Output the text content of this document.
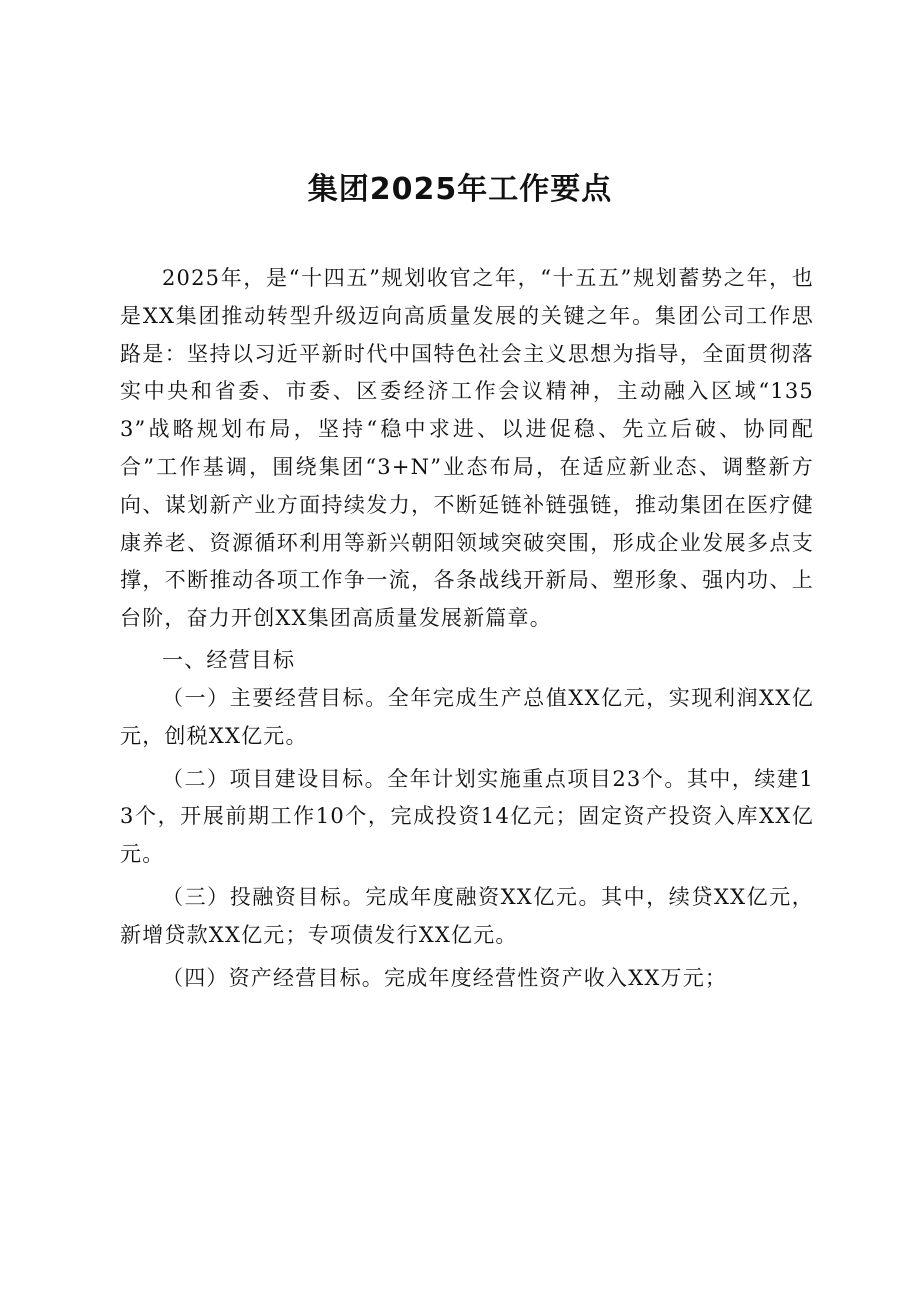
集团2025年工作要点

2025年，是“十四五”规划收官之年，“十五五”规划蓄势之年，也是XX集团推动转型升级迈向高质量发展的关键之年。集团公司工作思路是：坚持以习近平新时代中国特色社会主义思想为指导，全面贯彻落实中央和省委、市委、区委经济工作会议精神，主动融入区域“1353”战略规划布局，坚持“稳中求进、以进促稳、先立后破、协同配合”工作基调，围绕集团“3+N”业态布局，在适应新业态、调整新方向、谋划新产业方面持续发力，不断延链补链强链，推动集团在医疗健康养老、资源循环利用等新兴朝阳领域突破突围，形成企业发展多点支撑，不断推动各项工作争一流，各条战线开新局、塑形象、强内功、上台阶，奋力开创XX集团高质量发展新篇章。

一、经营目标

（一）主要经营目标。全年完成生产总值XX亿元，实现利润XX亿元，创税XX亿元。

（二）项目建设目标。全年计划实施重点项目23个。其中，续建13个，开展前期工作10个，完成投资14亿元；固定资产投资入库XX亿元。

（三）投融资目标。完成年度融资XX亿元。其中，续贷XX亿元，新增贷款XX亿元；专项债发行XX亿元。

（四）资产经营目标。完成年度经营性资产收入XX万元；
